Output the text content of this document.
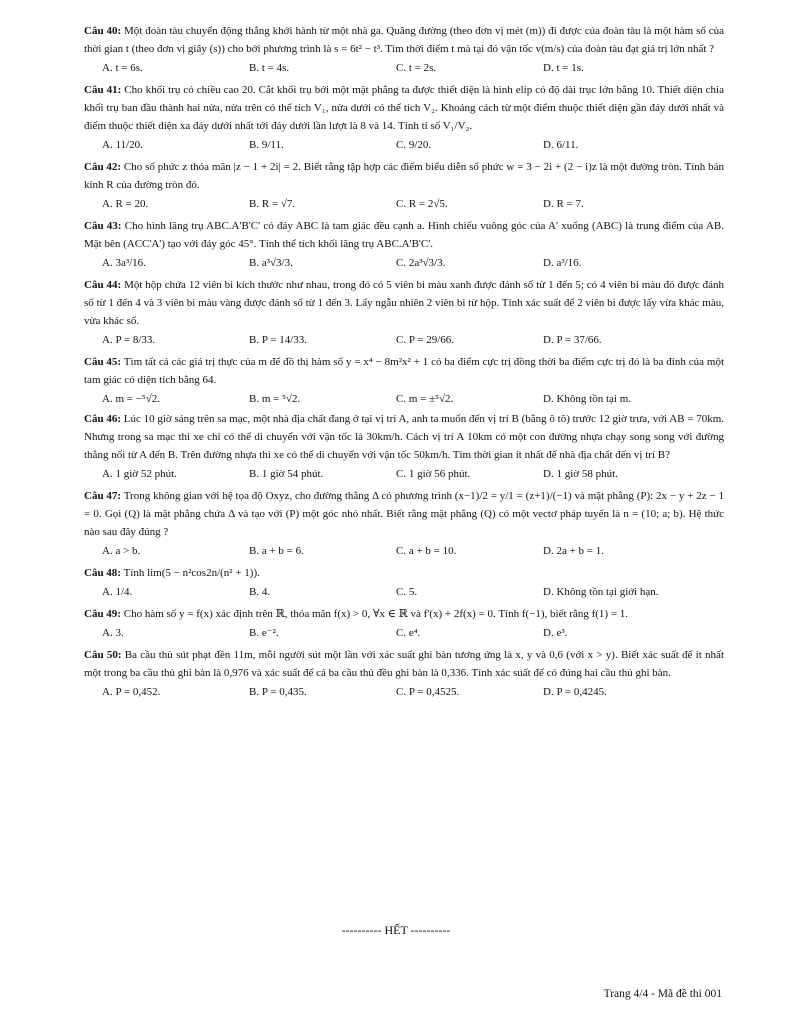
Câu 40: Một đoàn tàu chuyển động thẳng khởi hành từ một nhà ga. Quãng đường (theo đơn vị mét (m)) đi được của đoàn tàu là một hàm số của thời gian t (theo đơn vị giây (s)) cho bởi phương trình là s = 6t² − t³. Tìm thời điểm t mà tại đó vận tốc v(m/s) của đoàn tàu đạt giá trị lớn nhất ?

A. t = 6s.	B. t = 4s.	C. t = 2s.	D. t = 1s.

Câu 41: Cho khối trụ có chiều cao 20. Cắt khối trụ bởi một mặt phẳng ta được thiết diện là hình elip có độ dài trục lớn bằng 10. Thiết diện chia khối trụ ban đầu thành hai nửa, nửa trên có thể tích V₁, nửa dưới có thể tích V₂. Khoảng cách từ một điểm thuộc thiết diện gần đáy dưới nhất và điểm thuộc thiết diện xa đáy dưới nhất tới đáy dưới lần lượt là 8 và 14. Tính tỉ số V₁/V₂.

A. 11/20.	B. 9/11.	C. 9/20.	D. 6/11.

Câu 42: Cho số phức z thỏa mãn |z − 1 + 2i| = 2. Biết rằng tập hợp các điểm biểu diễn số phức w = 3 − 2i + (2 − i)z là một đường tròn. Tính bán kính R của đường tròn đó.

A. R = 20.	B. R = √7.	C. R = 2√5.	D. R = 7.

Câu 43: Cho hình lăng trụ ABC.A'B'C' có đáy ABC là tam giác đều cạnh a. Hình chiếu vuông góc của A' xuống (ABC) là trung điểm của AB. Mặt bên (ACC'A') tạo với đáy góc 45°. Tính thể tích khối lăng trụ ABC.A'B'C'.

A. 3a³/16.	B. a³√3/3.	C. 2a³√3/3.	D. a³/16.

Câu 44: Một hộp chứa 12 viên bi kích thước như nhau, trong đó có 5 viên bi màu xanh được đánh số từ 1 đến 5; có 4 viên bi màu đỏ được đánh số từ 1 đến 4 và 3 viên bi màu vàng được đánh số từ 1 đến 3. Lấy ngẫu nhiên 2 viên bi từ hộp. Tính xác suất để 2 viên bi được lấy vừa khác màu, vừa khác số.

A. P = 8/33.	B. P = 14/33.	C. P = 29/66.	D. P = 37/66.

Câu 45: Tìm tất cả các giá trị thực của m để đồ thị hàm số y = x⁴ − 8m²x² + 1 có ba điểm cực trị đồng thời ba điểm cực trị đó là ba đỉnh của một tam giác có diện tích bằng 64.

A. m = −⁵√2.	B. m = ⁵√2.	C. m = ±⁵√2.	D. Không tồn tại m.

Câu 46: Lúc 10 giờ sáng trên sa mạc, một nhà địa chất đang ở tại vị trí A, anh ta muốn đến vị trí B (bằng ô tô) trước 12 giờ trưa, với AB = 70km. Nhưng trong sa mạc thì xe chỉ có thể di chuyển với vận tốc là 30km/h. Cách vị trí A 10km có một con đường nhựa chạy song song với đường thẳng nối từ A đến B. Trên đường nhựa thì xe có thể di chuyển với vận tốc 50km/h. Tìm thời gian ít nhất để nhà địa chất đến vị trí B?

A. 1 giờ 52 phút.	B. 1 giờ 54 phút.	C. 1 giờ 56 phút.	D. 1 giờ 58 phút.

Câu 47: Trong không gian với hệ tọa độ Oxyz, cho đường thẳng Δ có phương trình (x−1)/2 = y/1 = (z+1)/(−1) và mặt phẳng (P): 2x − y + 2z − 1 = 0. Gọi (Q) là mặt phẳng chứa Δ và tạo với (P) một góc nhỏ nhất. Biết rằng mặt phẳng (Q) có một vectơ pháp tuyến là n = (10; a; b). Hệ thức nào sau đây đúng ?

A. a > b.	B. a + b = 6.	C. a + b = 10.	D. 2a + b = 1.

Câu 48: Tính lim(5 − n²cos2n/(n² + 1)).

A. 1/4.	B. 4.	C. 5.	D. Không tồn tại giới hạn.

Câu 49: Cho hàm số y = f(x) xác định trên ℝ, thỏa mãn f(x) > 0, ∀x ∈ ℝ và f'(x) + 2f(x) = 0. Tính f(−1), biết rằng f(1) = 1.

A. 3.	B. e⁻².	C. e⁴.	D. e³.

Câu 50: Ba cầu thủ sút phạt đền 11m, mỗi người sút một lần với xác suất ghi bàn tương ứng là x, y và 0,6 (với x > y). Biết xác suất để ít nhất một trong ba cầu thủ ghi bàn là 0,976 và xác suất để cả ba cầu thủ đều ghi bàn là 0,336. Tính xác suất để có đúng hai cầu thủ ghi bàn.

A. P = 0,452.	B. P = 0,435.	C. P = 0,4525.	D. P = 0,4245.
---------- HẾT ----------
Trang 4/4 - Mã đề thi 001
